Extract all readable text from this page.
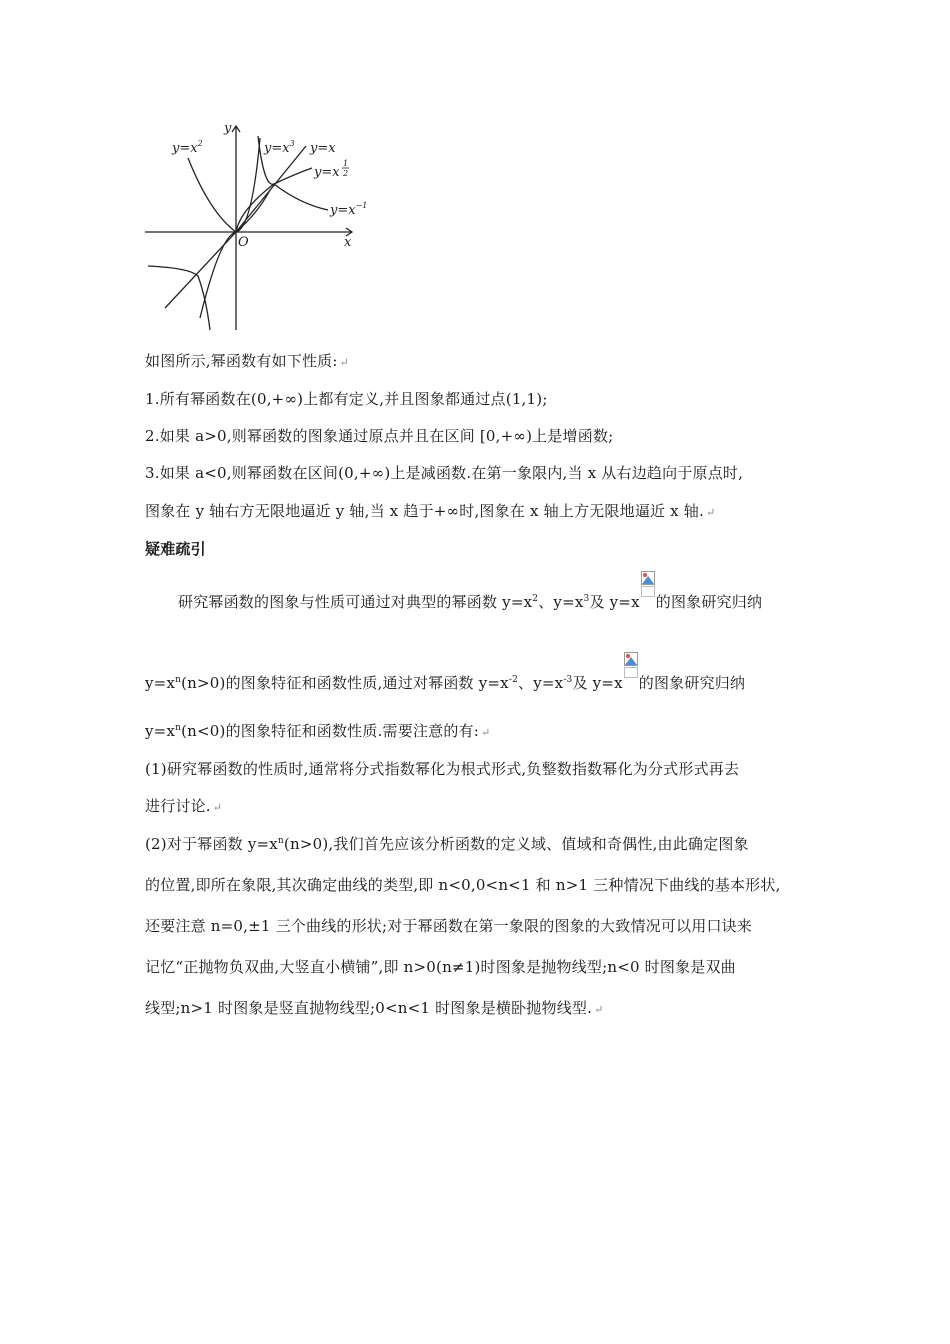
y
x
O
$y=x^2$	$y=x^3$ y=x
y=x
1
2
$y=x^{-1}$
如图所示,幂函数有如下性质: ↵
1.所有幂函数在(0,+∞)上都有定义,并且图象都通过点(1,1);
2.如果 a>0,则幂函数的图象通过原点并且在区间 [0,+∞)上是增函数;
3.如果 a<0,则幂函数在区间(0,+∞)上是减函数.在第一象限内,当 x 从右边趋向于原点时,
图象在 y 轴右方无限地逼近 y 轴,当 x 趋于+∞时,图象在 x 轴上方无限地逼近 x 轴. ↵
疑难疏引
研究幂函数的图象与性质可通过对典型的幂函数 $y=x^2$、$y=x^3$及 y=x 的图象研究归纳
$y=x^n(n>0)$的图象特征和函数性质,通过对幂函数 $y=x^{-2}$、$y=x^{-3}$及 y=x 的图象研究归纳
$y=x^n(n<0)$的图象特征和函数性质.需要注意的有: ↵
(1)研究幂函数的性质时,通常将分式指数幂化为根式形式,负整数指数幂化为分式形式再去
进行讨论. ↵
(2)对于幂函数 $y=x^n(n>0)$,我们首先应该分析函数的定义域、值域和奇偶性,由此确定图象
的位置,即所在象限,其次确定曲线的类型,即 n<0,0<n<1 和 n>1 三种情况下曲线的基本形状,
还要注意 n=0,±1 三个曲线的形状;对于幂函数在第一象限的图象的大致情况可以用口诀来
记忆“正抛物负双曲,大竖直小横铺”,即 n>0(n≠1)时图象是抛物线型;n<0 时图象是双曲
线型;n>1 时图象是竖直抛物线型;0<n<1 时图象是横卧抛物线型. ↵
